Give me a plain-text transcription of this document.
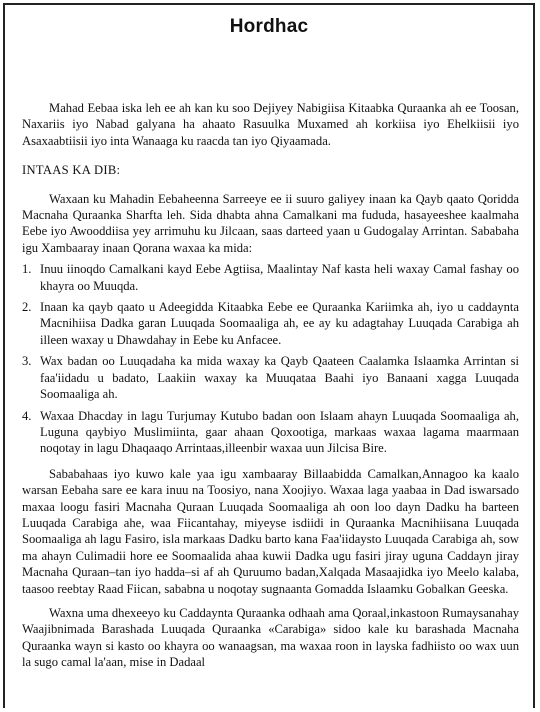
Hordhac

Mahad Eebaa iska leh ee ah kan ku soo Dejiyey Nabigiisa Kitaabka Quraanka ah ee Toosan, Naxariis iyo Nabad galyana ha ahaato Rasuulka Muxamed ah korkiisa iyo Ehelkiisii iyo Asaxaabtiisii iyo inta Wanaaga ku raacda tan iyo Qiyaamada.

INTAAS KA DIB:

Waxaan ku Mahadin Eebaheenna Sarreeye ee ii suuro galiyey inaan ka Qayb qaato Qoridda Macnaha Quraanka Sharfta leh. Sida dhabta ahna Camalkani ma fududa, hasayeeshee kaalmaha Eebe iyo Awooddiisa yey arrimuhu ku Jilcaan, saas darteed yaan u Gudogalay Arrintan. Sababaha igu Xambaaray inaan Qorana waxaa ka mida:

1. Inuu iinoqdo Camalkani kayd Eebe Agtiisa, Maalintay Naf kasta heli waxay Camal fashay oo khayra oo Muuqda.
2. Inaan ka qayb qaato u Adeegidda Kitaabka Eebe ee Quraanka Kariimka ah, iyo u caddaynta Macnihiisa Dadka garan Luuqada Soomaaliga ah, ee ay ku adagtahay Luuqada Carabiga ah illeen waxay u Dhawdahay in Eebe ku Anfacee.
3. Wax badan oo Luuqadaha ka mida waxay ka Qayb Qaateen Caalamka Islaamka Arrintan si faa'iidadu u badato, Laakiin waxay ka Muuqataa Baahi iyo Banaani xagga Luuqada Soomaaliga ah.
4. Waxaa Dhacday in lagu Turjumay Kutubo badan oon Islaam ahayn Luuqada Soomaaliga ah, Luguna qaybiyo Muslimiinta, gaar ahaan Qoxootiga, markaas waxaa lagama maarmaan noqotay in lagu Dhaqaaqo Arrintaas,illeenbir waxaa uun Jilcisa Bire.

Sababahaas iyo kuwo kale yaa igu xambaaray Billaabidda Camalkan,Annagoo ka kaalo warsan Eebaha sare ee kara inuu na Toosiyo, nana Xoojiyo. Waxaa laga yaabaa in Dad iswarsado maxaa loogu fasiri Macnaha Quraan Luuqada Soomaaliga ah oon loo dayn Dadku ha barteen Luuqada Carabiga ahe, waa Fiicantahay, miyeyse isdiidi in Quraanka Macnihiisana Luuqada Soomaaliga ah lagu Fasiro, isla markaas Dadku barto kana Faa'iidaysto Luuqada Carabiga ah, sow ma ahayn Culimadii hore ee Soomaalida ahaa kuwii Dadka ugu fasiri jiray uguna Caddayn jiray Macnaha Quraan–tan iyo hadda–si af ah Quruumo badan,Xalqada Masaajidka iyo Meelo kalaba, taasoo reebtay Raad Fiican, sababna u noqotay sugnaanta Gomadda Islaamku Gobalkan Geeska.

Waxna uma dhexeeyo ku Caddaynta Quraanka odhaah ama Qoraal,inkastoon Rumaysanahay Waajibnimada Barashada Luuqada Quraanka «Carabiga» sidoo kale ku barashada Macnaha Quraanka wayn si kasto oo khayra oo wanaagsan, ma waxaa roon in layska fadhiisto oo wax uun la sugo camal la'aan, mise in Dadaal
